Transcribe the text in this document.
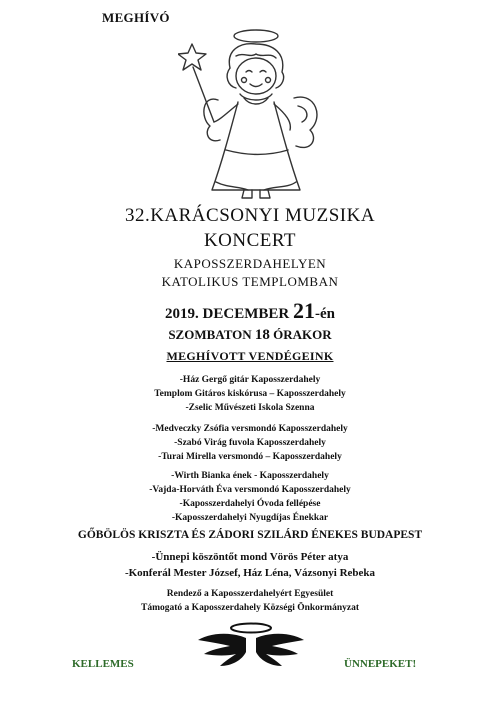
MEGHÍVÓ
32.KARÁCSONYI MUZSIKA
KONCERT
KAPOSSZERDAHELYEN
KATOLIKUS TEMPLOMBAN
2019. DECEMBER 21-én
SZOMBATON 18 ÓRAKOR
MEGHÍVOTT VENDÉGEINK
-Ház Gergő gitár Kaposszerdahely
Templom Gitáros kiskórusa – Kaposszerdahely
-Zselic Művészeti Iskola Szenna
-Medveczky Zsófia versmondó Kaposszerdahely
-Szabó Virág fuvola Kaposszerdahely
-Turai Mirella versmondó – Kaposszerdahely
-Wirth Bianka ének - Kaposszerdahely
-Vajda-Horváth Éva versmondó Kaposszerdahely
-Kaposszerdahelyi Óvoda fellépése
-Kaposszerdahelyi Nyugdíjas Énekkar
GŐBÖLÖS KRISZTA ÉS ZÁDORI SZILÁRD ÉNEKES BUDAPEST
-Ünnepi köszöntőt mond Vörös Péter atya
-Konferál Mester József, Ház Léna, Vázsonyi Rebeka
Rendező a Kaposszerdahelyért Egyesület
Támogató a Kaposszerdahely Községi Önkormányzat
KELLEMES	ÜNNEPEKET!
